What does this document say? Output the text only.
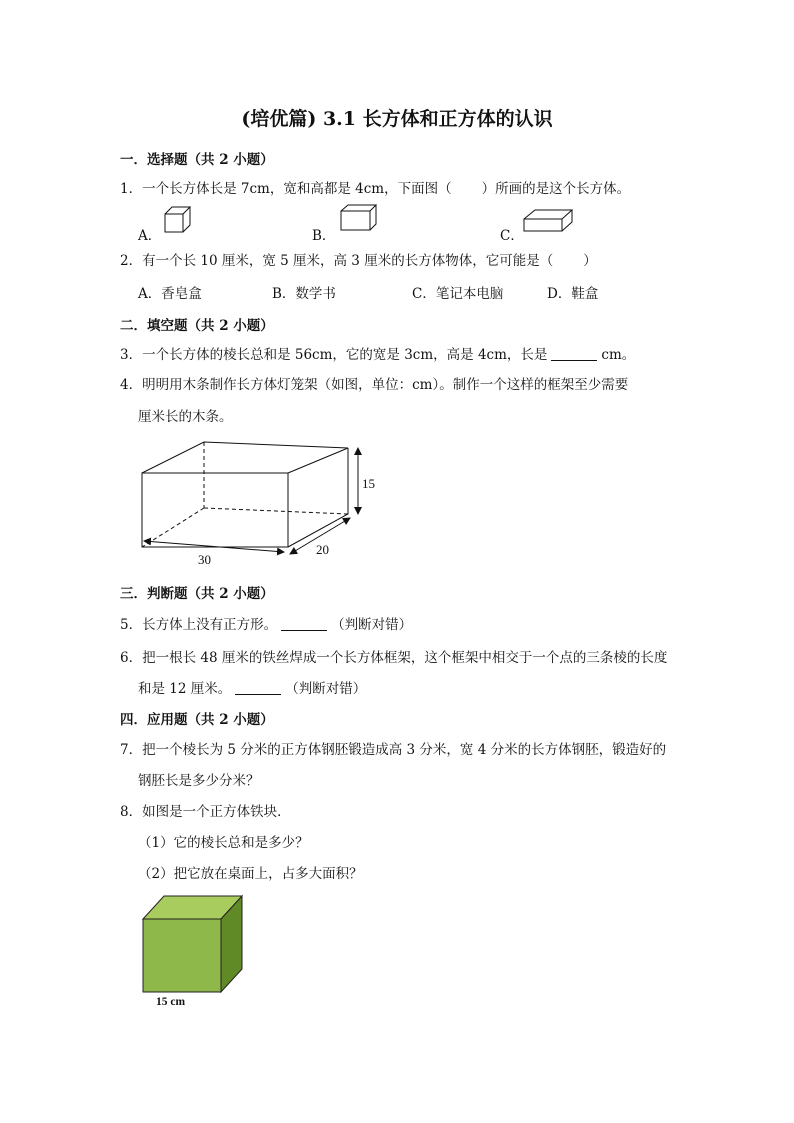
(培优篇) 3.1 长方体和正方体的认识
一．选择题（共 2 小题）
1．一个长方体长是 7cm，宽和高都是 4cm，下面图（ ）所画的是这个长方体。
A．	B．	C．
2．有一个长 10 厘米，宽 5 厘米，高 3 厘米的长方体物体，它可能是（ ）
A．香皂盒	B．数学书	C．笔记本电脑	D．鞋盒
二．填空题（共 2 小题）
3．一个长方体的棱长总和是 56cm，它的宽是 3cm，高是 4cm，长是	cm。
4．明明用木条制作长方体灯笼架（如图，单位：cm）。制作一个这样的框架至少需要
厘米长的木条。
15
30
20
三．判断题（共 2 小题）
5．长方体上没有正方形。	（判断对错）
6．把一根长 48 厘米的铁丝焊成一个长方体框架，这个框架中相交于一个点的三条棱的长度
和是 12 厘米。	（判断对错）
四．应用题（共 2 小题）
7．把一个棱长为 5 分米的正方体钢胚锻造成高 3 分米，宽 4 分米的长方体钢胚，锻造好的
钢胚长是多少分米？
8．如图是一个正方体铁块．
（1）它的棱长总和是多少？
（2）把它放在桌面上，占多大面积？
15 cm
